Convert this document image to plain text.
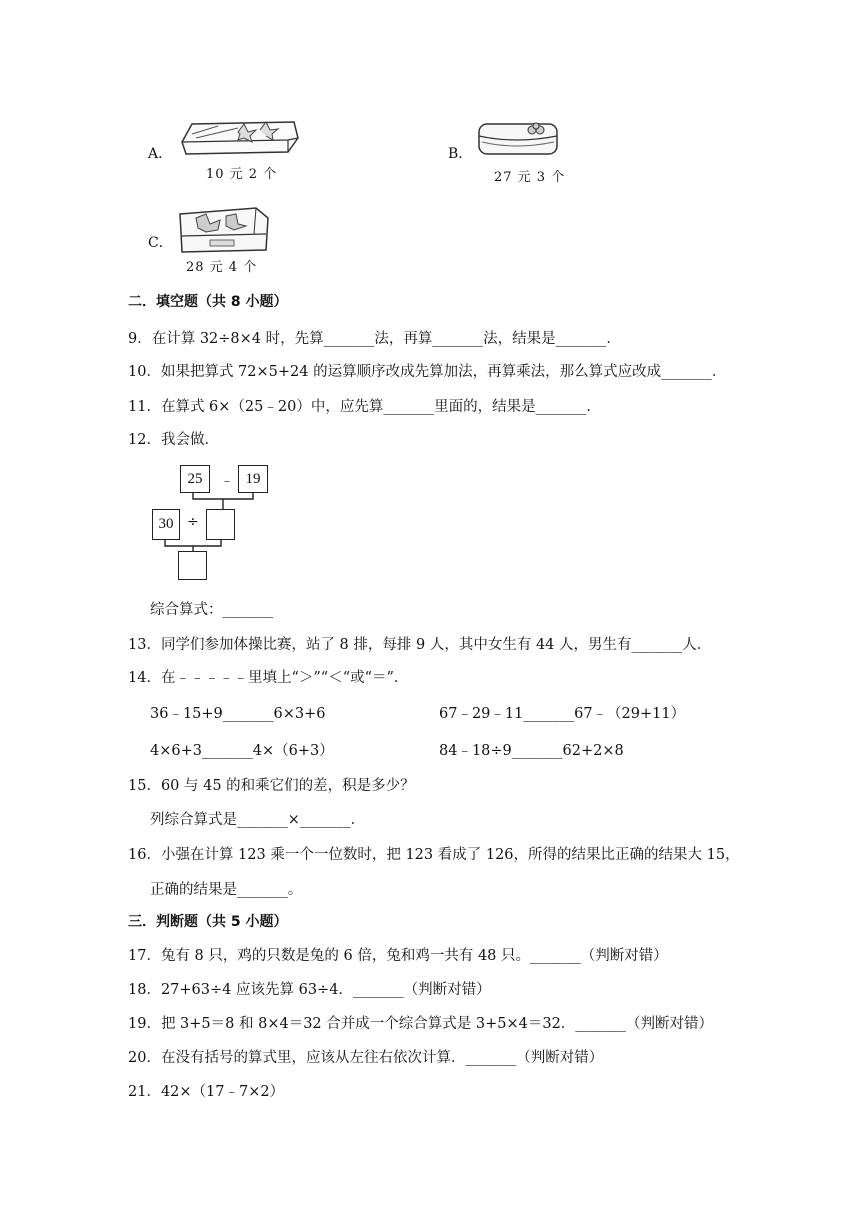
A．
10 元 2 个
B．
27 元 3 个
C．
28 元 4 个
二．填空题（共 8 小题）
9．在计算 32÷8×4 时，先算_______法，再算_______法，结果是_______．
10．如果把算式 72×5+24 的运算顺序改成先算加法，再算乘法，那么算式应改成_______．
11．在算式 6×（25﹣20）中，应先算_______里面的，结果是_______．
12．我会做．
25	﹣ 19
30 ÷
综合算式：_______
13．同学们参加体操比赛，站了 8 排，每排 9 人，其中女生有 44 人，男生有_______人．
14．在﹣﹣﹣﹣﹣里填上“＞”“＜“或“＝”．
36﹣15+9_______6×3+6	67﹣29﹣11_______67﹣（29+11）
4×6+3_______4×（6+3）	84﹣18÷9_______62+2×8
15．60 与 45 的和乘它们的差，积是多少？
列综合算式是_______×_______．
16．小强在计算 123 乘一个一位数时，把 123 看成了 126，所得的结果比正确的结果大 15，
正确的结果是_______。
三．判断题（共 5 小题）
17．兔有 8 只，鸡的只数是兔的 6 倍，兔和鸡一共有 48 只。_______（判断对错）
18．27+63÷4 应该先算 63÷4．_______（判断对错）
19．把 3+5＝8 和 8×4＝32 合并成一个综合算式是 3+5×4＝32．_______（判断对错）
20．在没有括号的算式里，应该从左往右依次计算．_______（判断对错）
21．42×（17﹣7×2）
